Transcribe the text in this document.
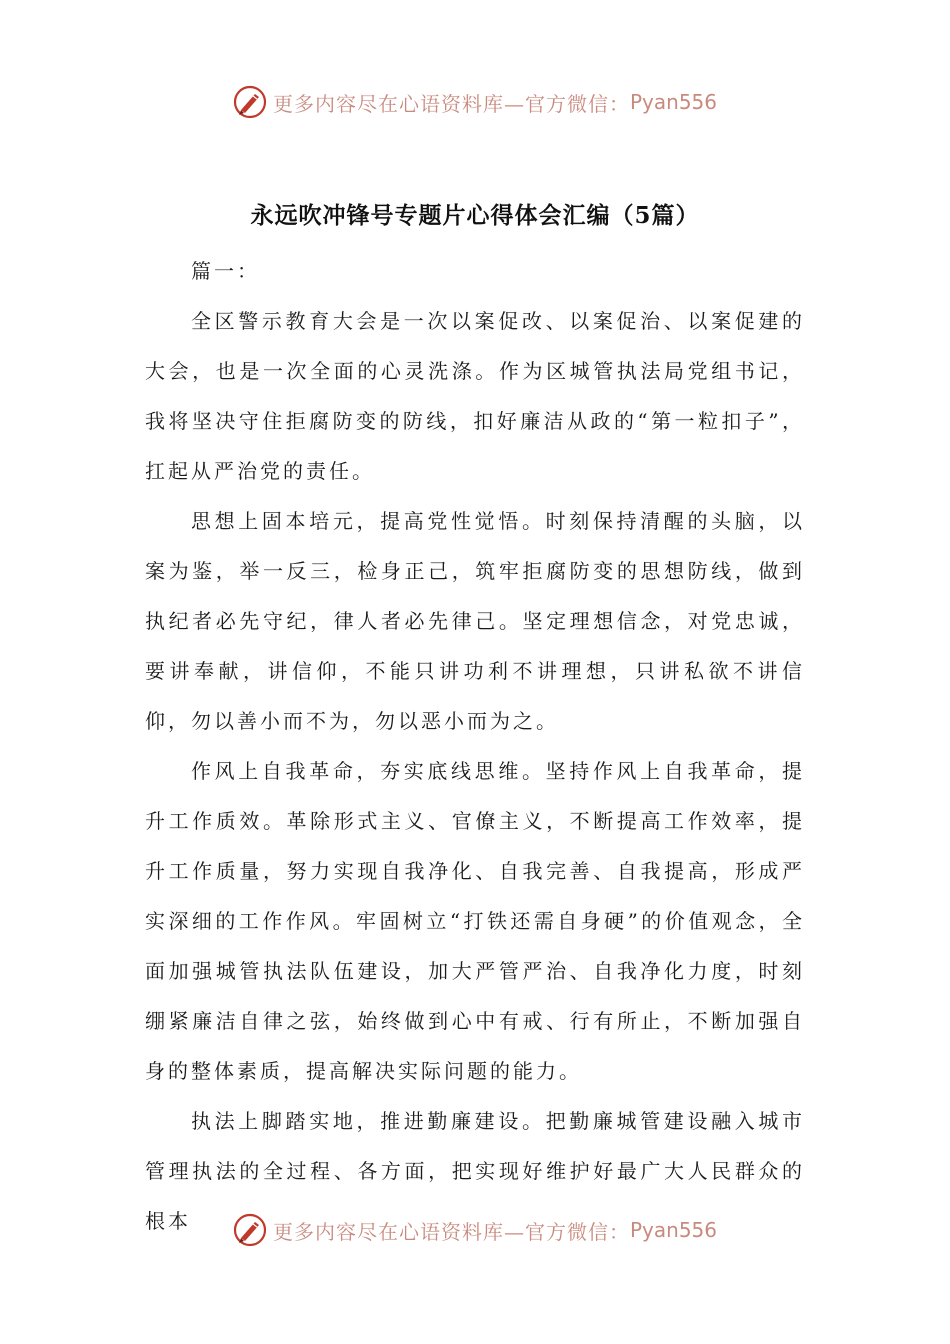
更多内容尽在心语资料库—官方微信： Pyan556
永远吹冲锋号专题片心得体会汇编（5篇）

篇一：

全区警示教育大会是一次以案促改、以案促治、以案促建的大会，也是一次全面的心灵洗涤。作为区城管执法局党组书记，我将坚决守住拒腐防变的防线，扣好廉洁从政的“第一粒扣子”，扛起从严治党的责任。

思想上固本培元，提高党性觉悟。时刻保持清醒的头脑，以案为鉴，举一反三，检身正己，筑牢拒腐防变的思想防线，做到执纪者必先守纪，律人者必先律己。坚定理想信念，对党忠诚，要讲奉献，讲信仰，不能只讲功利不讲理想，只讲私欲不讲信仰，勿以善小而不为，勿以恶小而为之。

作风上自我革命，夯实底线思维。坚持作风上自我革命，提升工作质效。革除形式主义、官僚主义，不断提高工作效率，提升工作质量，努力实现自我净化、自我完善、自我提高，形成严实深细的工作作风。牢固树立“打铁还需自身硬”的价值观念，全面加强城管执法队伍建设，加大严管严治、自我净化力度，时刻绷紧廉洁自律之弦，始终做到心中有戒、行有所止，不断加强自身的整体素质，提高解决实际问题的能力。

执法上脚踏实地，推进勤廉建设。把勤廉城管建设融入城市管理执法的全过程、各方面，把实现好维护好最广大人民群众的根本	更多内容尽在心语资料库—官方微信： Pyan556
